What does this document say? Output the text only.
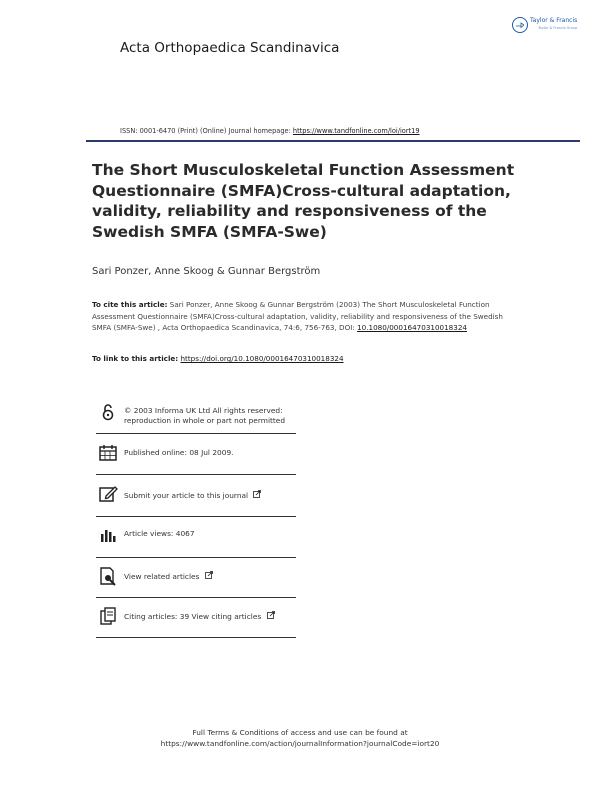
Acta Orthopaedica Scandinavica
Taylor & Francis
Taylor & Francis Group
ISSN: 0001-6470 (Print) (Online) Journal homepage: https://www.tandfonline.com/loi/iort19
The Short Musculoskeletal Function Assessment Questionnaire (SMFA)Cross-cultural adaptation, validity, reliability and responsiveness of the Swedish SMFA (SMFA-Swe)
Sari Ponzer, Anne Skoog & Gunnar Bergström
To cite this article: Sari Ponzer, Anne Skoog & Gunnar Bergström (2003) The Short Musculoskeletal Function Assessment Questionnaire (SMFA)Cross-cultural adaptation, validity, reliability and responsiveness of the Swedish SMFA (SMFA-Swe) , Acta Orthopaedica Scandinavica, 74:6, 756-763, DOI: 10.1080/00016470310018324
To link to this article: https://doi.org/10.1080/00016470310018324
© 2003 Informa UK Ltd All rights reserved:
reproduction in whole or part not permitted
Published online: 08 Jul 2009.
Submit your article to this journal
Article views: 4067
View related articles
Citing articles: 39 View citing articles
Full Terms & Conditions of access and use can be found at
https://www.tandfonline.com/action/journalInformation?journalCode=iort20
